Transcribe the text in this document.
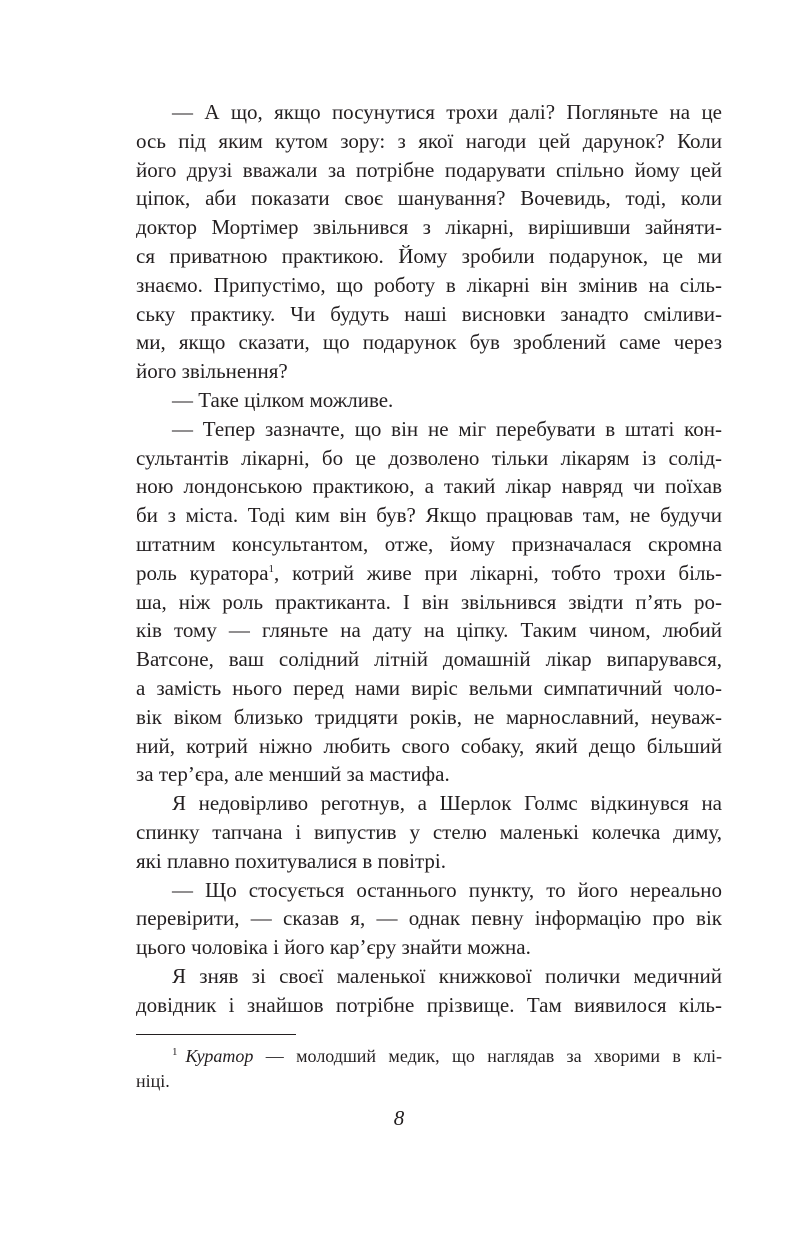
— А що, якщо посунутися трохи далі? Погляньте на це
ось під яким кутом зору: з якої нагоди цей дарунок? Коли
його друзі вважали за потрібне подарувати спільно йому цей
ціпок, аби показати своє шанування? Вочевидь, тоді, коли
доктор Мортімер звільнився з лікарні, вирішивши зайняти-
ся приватною практикою. Йому зробили подарунок, це ми
знаємо. Припустімо, що роботу в лікарні він змінив на сіль-
ську практику. Чи будуть наші висновки занадто сміливи-
ми, якщо сказати, що подарунок був зроблений саме через
його звільнення?
— Таке цілком можливе.
— Тепер зазначте, що він не міг перебувати в штаті кон-
сультантів лікарні, бо це дозволено тільки лікарям із солід-
ною лондонською практикою, а такий лікар навряд чи поїхав
би з міста. Тоді ким він був? Якщо працював там, не будучи
штатним консультантом, отже, йому призначалася скромна
роль куратора$^1$, котрий живе при лікарні, тобто трохи біль-
ша, ніж роль практиканта. І він звільнився звідти п’ять ро-
ків тому — гляньте на дату на ціпку. Таким чином, любий
Ватсоне, ваш солідний літній домашній лікар випарувався,
а замість нього перед нами виріс вельми симпатичний чоло-
вік віком близько тридцяти років, не марнославний, неуваж-
ний, котрий ніжно любить свого собаку, який дещо більший
за тер’єра, але менший за мастифа.
Я недовірливо реготнув, а Шерлок Голмс відкинувся на
спинку тапчана і випустив у стелю маленькі колечка диму,
які плавно похитувалися в повітрі.
— Що стосується останнього пункту, то його нереально
перевірити, — сказав я, — однак певну інформацію про вік
цього чоловіка і його кар’єру знайти можна.
Я зняв зі своєї маленької книжкової полички медичний
довідник і знайшов потрібне прізвище. Там виявилося кіль-
$^1$ Куратор — молодший медик, що наглядав за хворими в клі-
ніці.
8
